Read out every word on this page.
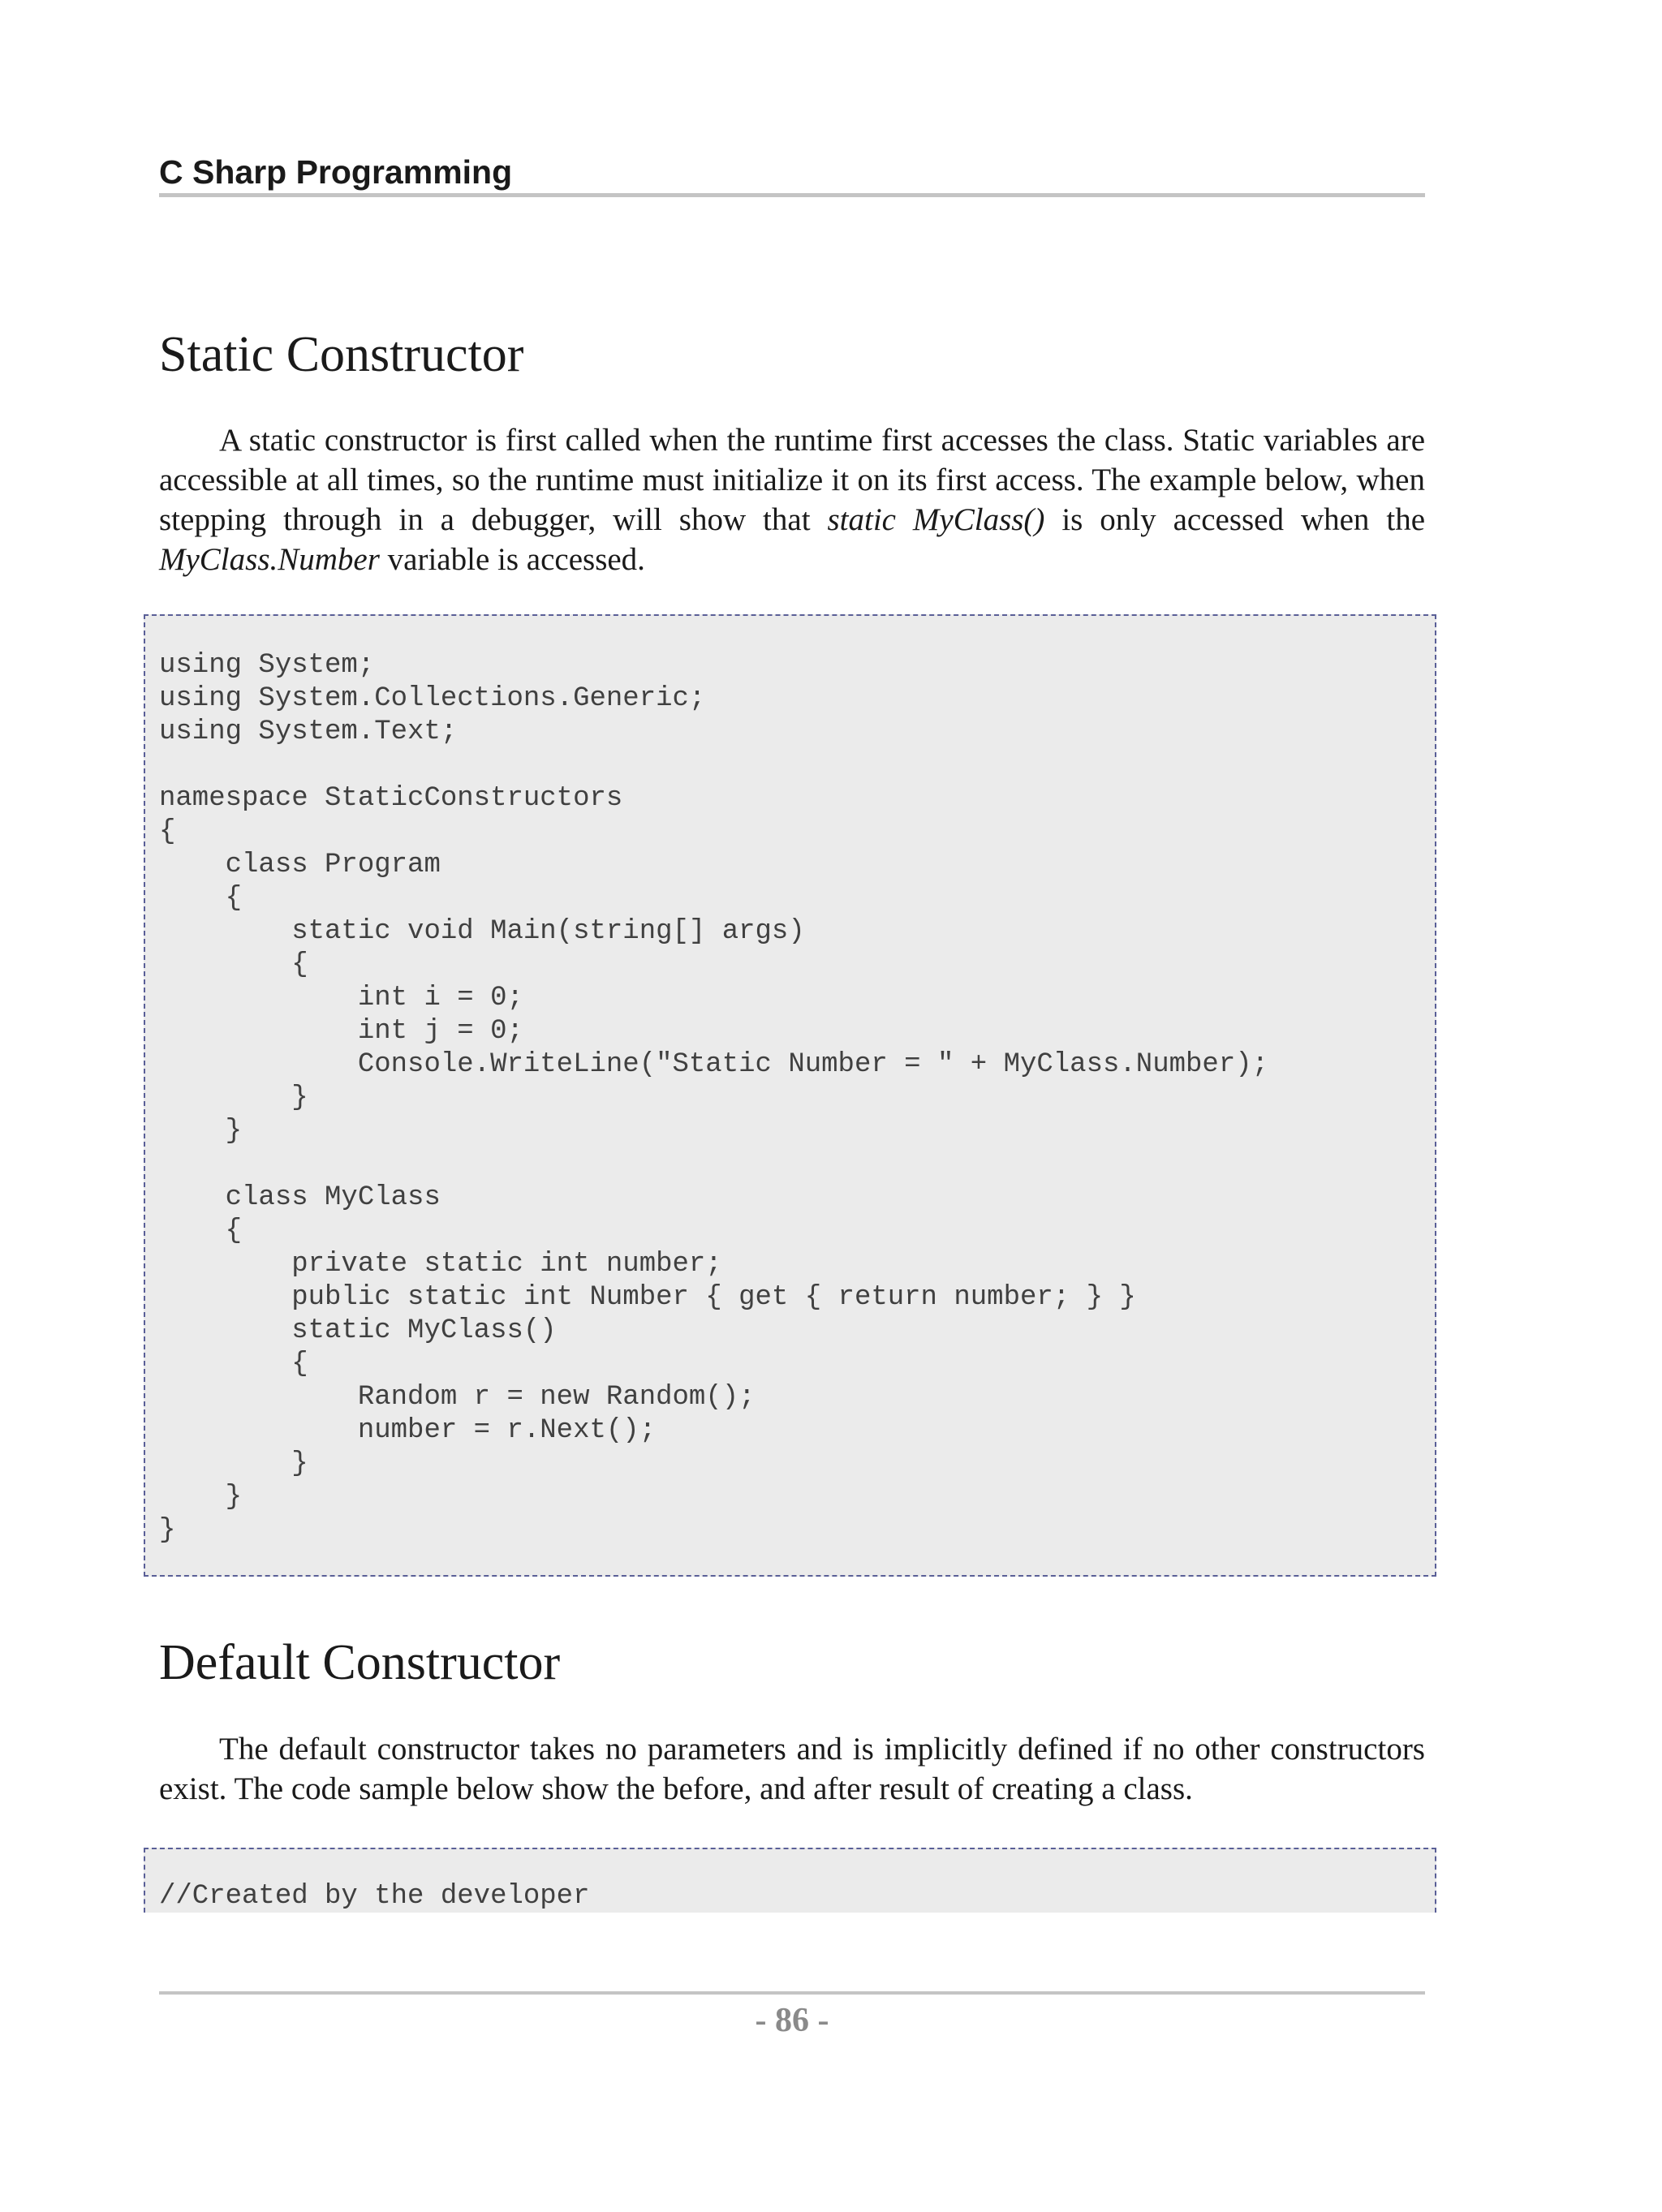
C Sharp Programming
Static Constructor

A static constructor is first called when the runtime first accesses the class. Static variables are accessible at all times, so the runtime must initialize it on its first access. The example below, when stepping through in a debugger, will show that static MyClass() is only accessed when the MyClass.Number variable is accessed.

using System;
using System.Collections.Generic;
using System.Text;
namespace StaticConstructors
{
class Program
{
static void Main(string[] args)
{
int i = 0;
int j = 0;
Console.WriteLine("Static Number = " + MyClass.Number);
}
}
class MyClass
{
private static int number;
public static int Number { get { return number; } }
static MyClass()
{
Random r = new Random();
number = r.Next();
}
}
}
Default Constructor

The default constructor takes no parameters and is implicitly defined if no other constructors exist. The code sample below show the before, and after result of creating a class.

//Created by the developer
- 86 -
